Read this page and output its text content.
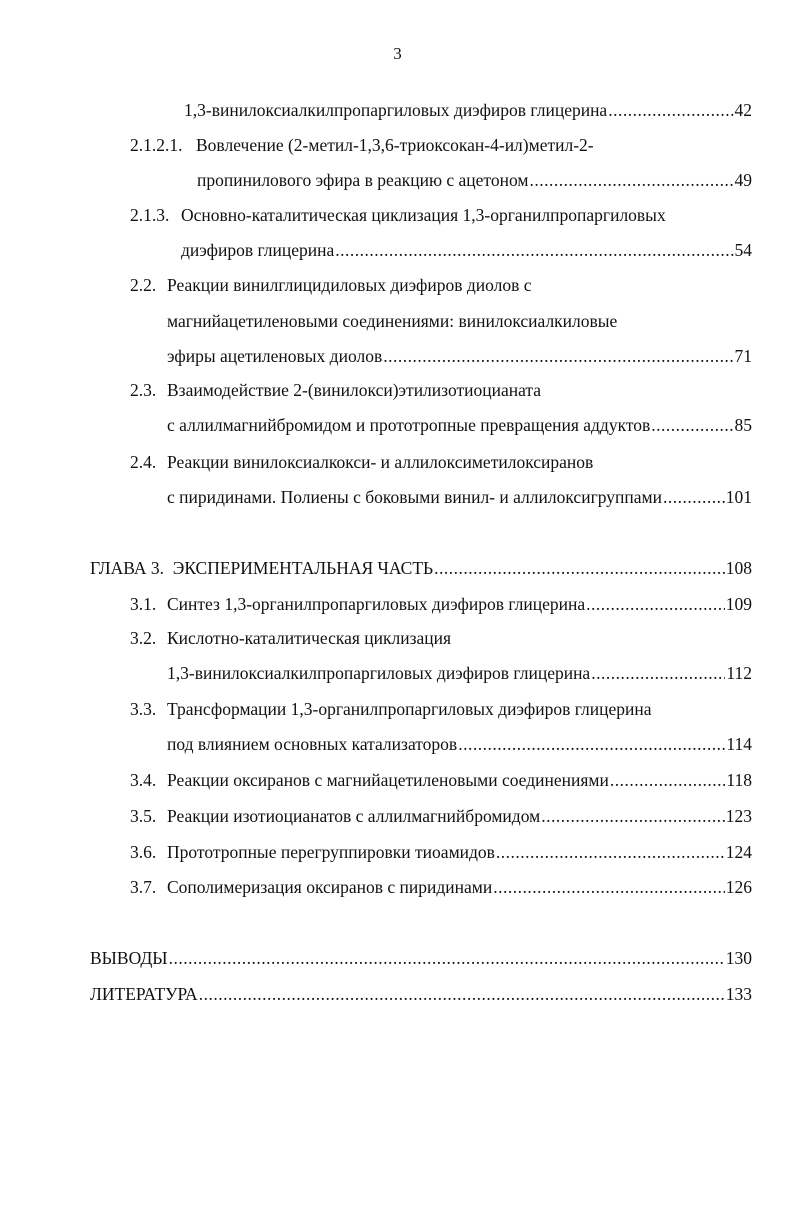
3
1,3-винилоксиалкилпропаргиловых диэфиров глицерина .....	42
2.1.2.1. Вовлечение (2-метил-1,3,6-триоксокан-4-ил)метил-2-
пропинилового эфира в реакцию с ацетоном .....	49
2.1.3. Основно-каталитическая циклизация 1,3-органилпропаргиловых
диэфиров глицерина .....	54
2.2. Реакции винилглицидиловых диэфиров диолов с
магнийацетиленовыми соединениями: винилоксиалкиловые
эфиры ацетиленовых диолов .....	71
2.3. Взаимодействие 2-(винилокси)этилизотиоцианата
с аллилмагнийбромидом и прототропные превращения аддуктов .....	85
2.4. Реакции винилоксиалкокси- и аллилоксиметилоксиранов
с пиридинами. Полиены с боковыми винил- и аллилоксигруппами .....	101
ГЛАВА 3.  ЭКСПЕРИМЕНТАЛЬНАЯ ЧАСТЬ .....	108
3.1. Синтез 1,3-органилпропаргиловых диэфиров глицерина .....	109
3.2. Кислотно-каталитическая циклизация
1,3-винилоксиалкилпропаргиловых диэфиров глицерина .....	112
3.3. Трансформации 1,3-органилпропаргиловых диэфиров глицерина
под влиянием основных катализаторов .....	114
3.4. Реакции оксиранов с магнийацетиленовыми соединениями .....	118
3.5. Реакции изотиоцианатов с аллилмагнийбромидом .....	123
3.6. Прототропные перегруппировки тиоамидов .....	124
3.7. Сополимеризация оксиранов с пиридинами .....	126
ВЫВОДЫ .....	130
ЛИТЕРАТУРА .....	133
